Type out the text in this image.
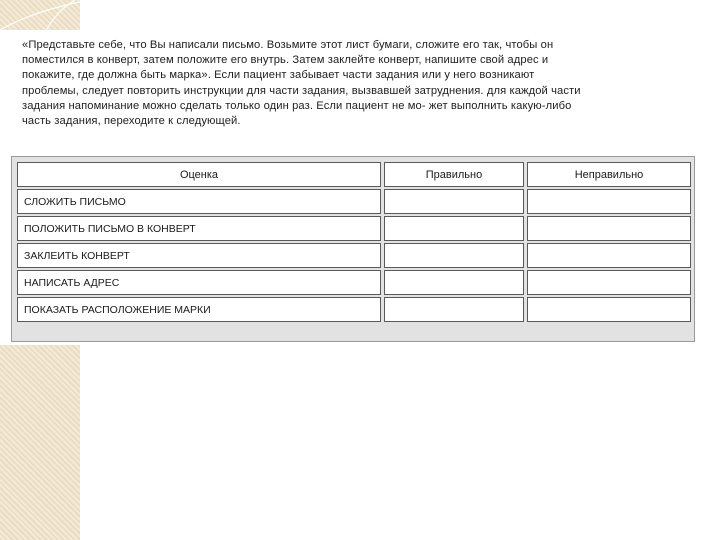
«Представьте себе, что Вы написали письмо. Возьмите этот лист бумаги, сложите его так, чтобы он
поместился в конверт, затем положите его внутрь. Затем заклейте конверт, напишите свой адрес и
покажите, где должна быть марка». Если пациент забывает части задания или у него возникают
проблемы, следует повторить инструкции для части задания, вызвавшей затруднения. для каждой части
задания напоминание можно сделать только один раз. Если пациент не мо- жет выполнить какую-либо
часть задания, переходите к следующей.
Оценка	Правильно	Неправильно
СЛОЖИТЬ ПИСЬМО		
ПОЛОЖИТЬ ПИСЬМО В КОНВЕРТ		
ЗАКЛЕИТЬ КОНВЕРТ		
НАПИСАТЬ АДРЕС		
ПОКАЗАТЬ РАСПОЛОЖЕНИЕ МАРКИ		
